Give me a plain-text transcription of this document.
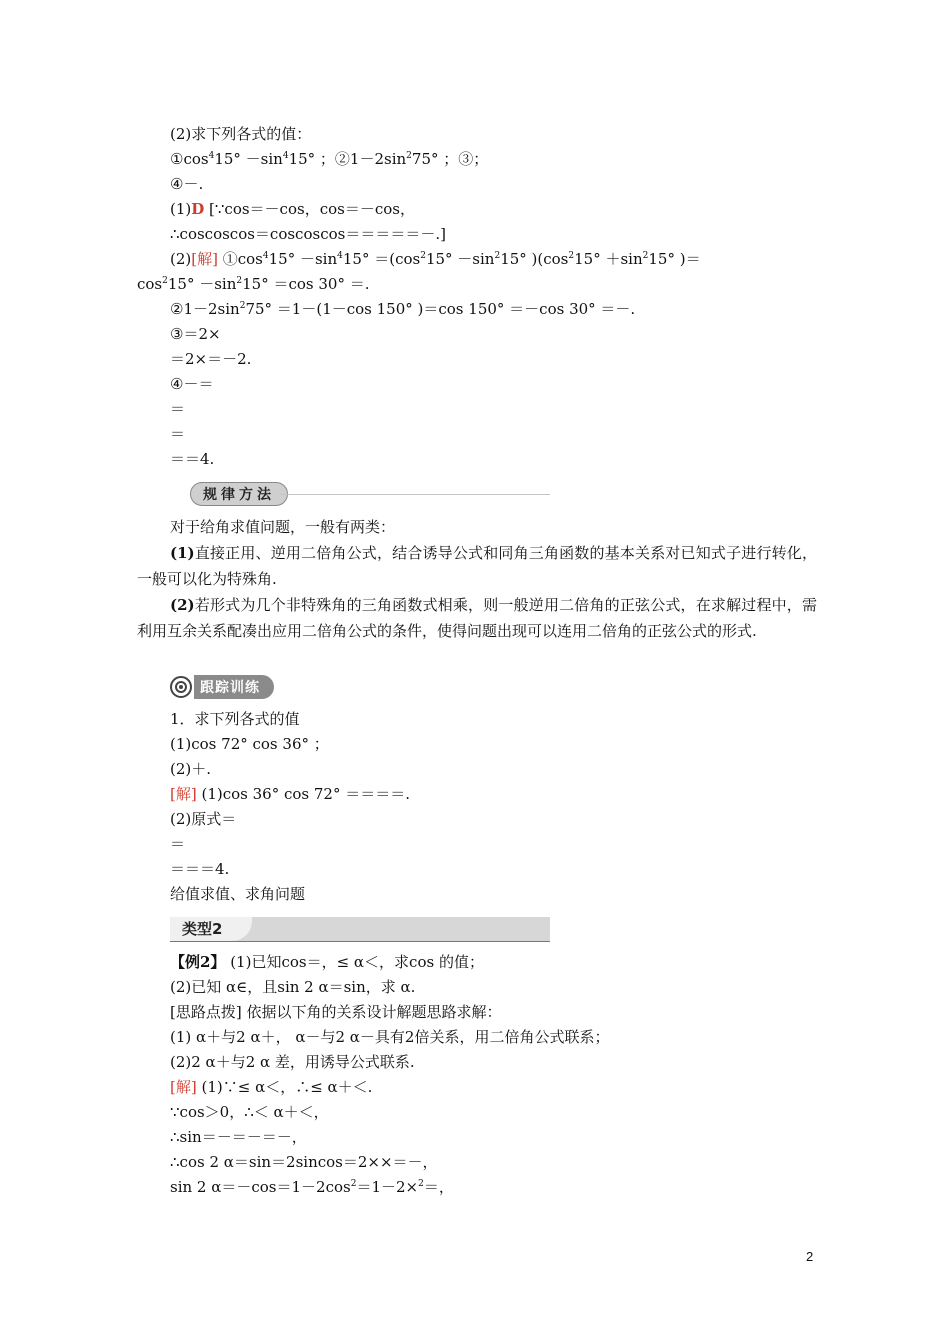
(2)求下列各式的值：
$①\cos^415^\circ -\sin^415^\circ$ ；$②1-2\sin^275^\circ$ ；③；
④－.
(1)D [∵cos＝－cos，cos＝－cos，
∴coscoscos＝coscoscos＝＝＝＝＝－.]
(2)[解] $①\cos^415^\circ -\sin^415^\circ =(\cos^215^\circ -\sin^215^\circ$ )($\cos^215^\circ +\sin^215^\circ$ )＝
$\cos^215^\circ -\sin^215^\circ =\cos$ 30° ＝.
$②1-2\sin^275^\circ =1-(1-\cos$ 150° )＝cos 150° ＝－cos 30° ＝－.
③＝2×
＝2×＝－2.
④－＝
＝
＝
＝＝4.
规律方法
对于给角求值问题，一般有两类：
(1)直接正用、逆用二倍角公式，结合诱导公式和同角三角函数的基本关系对已知式子进行转化，一般可以化为特殊角.
(2)若形式为几个非特殊角的三角函数式相乘，则一般逆用二倍角的正弦公式，在求解过程中，需利用互余关系配凑出应用二倍角公式的条件，使得问题出现可以连用二倍角的正弦公式的形式.
跟踪训练
1．求下列各式的值
(1)cos 72° cos 36° ；
(2)＋.
[解] (1)cos 36° cos 72° ＝＝＝＝.
(2)原式＝
＝
＝＝＝4.
给值求值、求角问题
类型2
【例2】 (1)已知cos＝，≤ α＜，求cos 的值；
(2)已知 α∈，且sin 2 α＝sin，求 α.
[思路点拨] 依据以下角的关系设计解题思路求解：
(1) α＋与2 α＋， α－与2 α－具有2倍关系，用二倍角公式联系；
(2)2 α＋与2 α 差，用诱导公式联系.
[解] (1)∵≤ α＜，∴≤ α＋＜.
∵cos＞0，∴＜ α＋＜，
∴sin＝－＝－＝－，
∴cos 2 α＝sin＝2sincos＝2××＝－，
sin 2 $\alpha=-\cos=1-2\cos^2=1-2\times^2=$，
2
